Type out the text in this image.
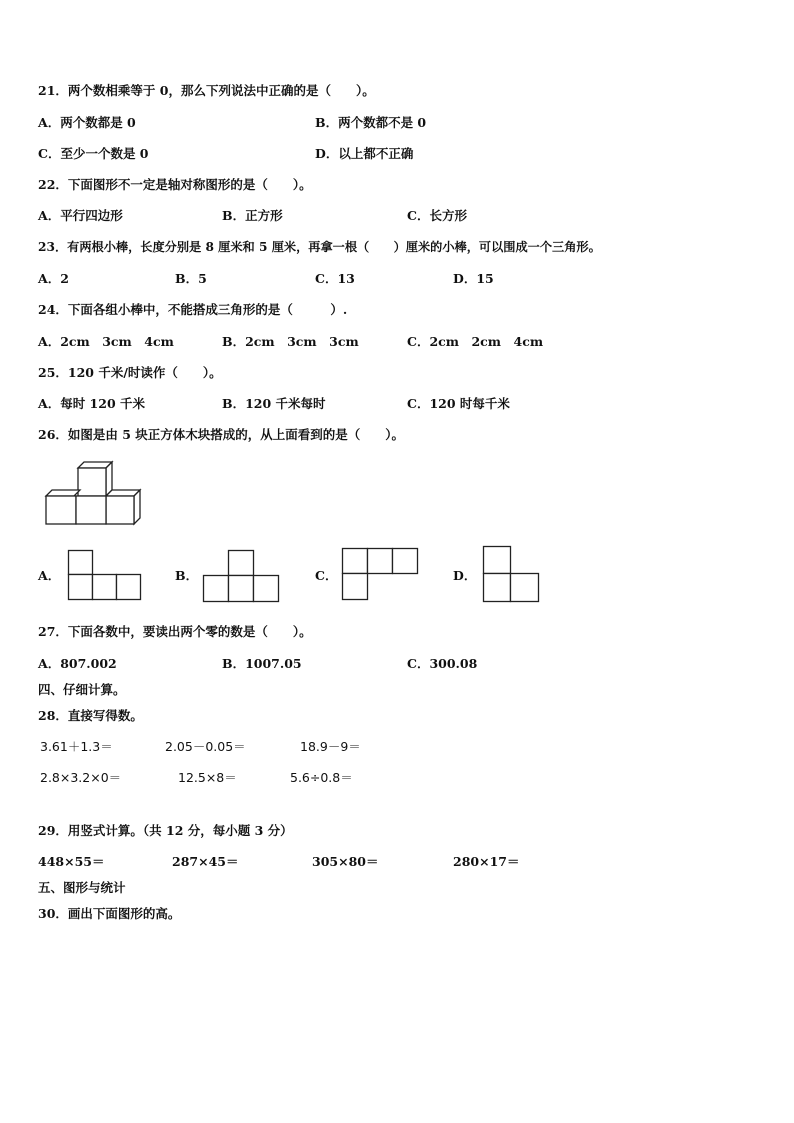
21．两个数相乘等于 0，那么下列说法中正确的是（　　）。
A．两个数都是 0	B．两个数都不是 0
C．至少一个数是 0	D．以上都不正确
22．下面图形不一定是轴对称图形的是（　　）。
A．平行四边形	B．正方形	C．长方形
23．有两根小棒，长度分别是 8 厘米和 5 厘米，再拿一根（　　）厘米的小棒，可以围成一个三角形。
A．2	B．5	C．13	D．15
24．下面各组小棒中，不能搭成三角形的是（　　　）.
A．2cm　3cm　4cm	B．2cm　3cm　3cm	C．2cm　2cm　4cm
25．120 千米/时读作（　　）。
A．每时 120 千米	B．120 千米每时	C．120 时每千米
26．如图是由 5 块正方体木块搭成的，从上面看到的是（　　）。
A．	B．	C．	D．
27．下面各数中，要读出两个零的数是（　　）。
A．807.002	B．1007.05	C．300.08
四、仔细计算。
28．直接写得数。
3.61＋1.3＝	2.05－0.05＝	18.9－9＝
2.8×3.2×0＝	12.5×8＝	5.6÷0.8＝
29．用竖式计算。（共 12 分，每小题 3 分）
448×55＝	287×45＝	305×80＝	280×17＝
五、图形与统计
30．画出下面图形的高。
